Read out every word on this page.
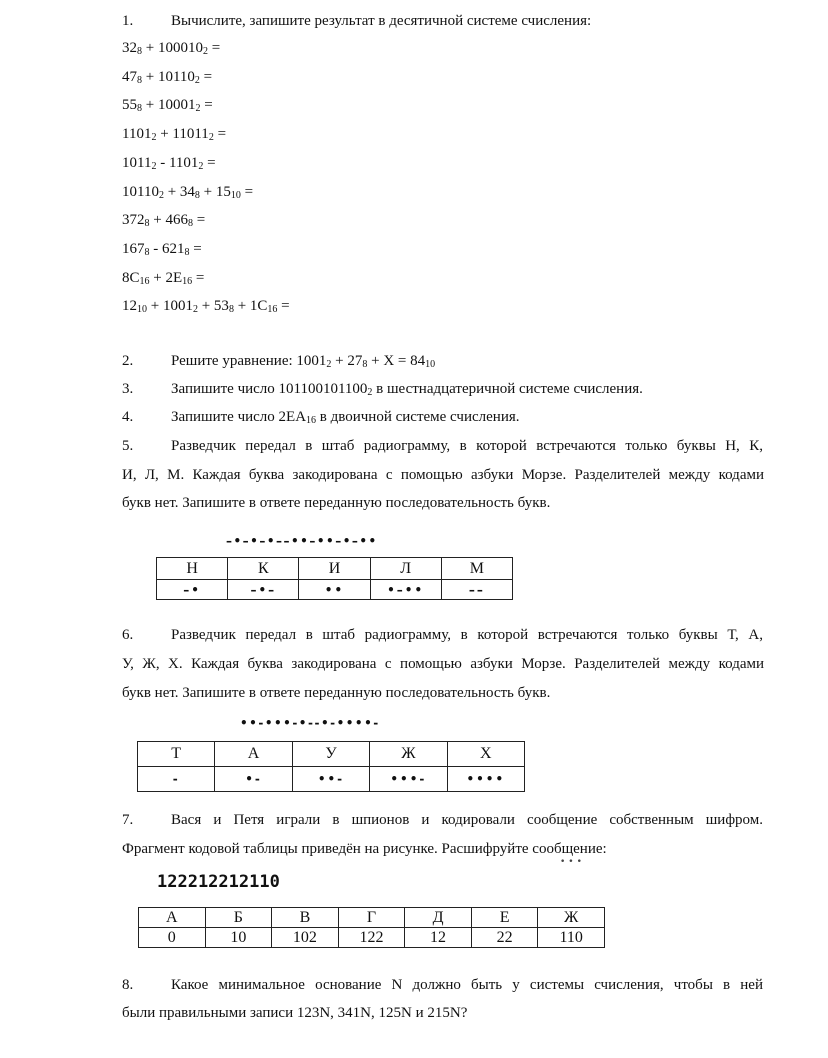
1.	Вычислите, запишите результат в десятичной системе счисления:
$32_8 + 100010_2$ =
$47_8 + 10110_2$ =
$55_8 + 10001_2$ =
$1101_2 + 11011_2$ =
$1011_2 - 1101_2$ =
$10110_2 + 34_8 + 15_{10}$ =
$372_8 + 466_8$ =
$167_8 - 621_8$ =
$8C_{16} + 2E_{16}$ =
$12_{10} + 1001_2 + 53_8 + 1C_{16}$ =
2.	Решите уравнение: $1001_2 + 27_8 + X = 84_{10}$
3.	Запишите число $101100101100_2$ в шестнадцатеричной системе счисления.
4.	Запишите число $2EA_{16}$ в двоичной системе счисления.
5.	Разведчик передал в штаб радиограмму, в которой встречаются только буквы Н, К,
И, Л, М. Каждая буква закодирована с помощью азбуки Морзе. Разделителей между кодами
букв нет. Запишите в ответе переданную последовательность букв.
–•–•–•––••–••–•–••
Н	К	И	Л	М
–•	–•–	••	•–••	––
6.	Разведчик передал в штаб радиограмму, в которой встречаются только буквы Т, А,
У, Ж, Х. Каждая буква закодирована с помощью азбуки Морзе. Разделителей между кодами
букв нет. Запишите в ответе переданную последовательность букв.
••-•••-•--•-••••-
Т	А	У	Ж	Х
-	•-	••-	•••-	••••
7.	Вася и Петя играли в шпионов и кодировали сообщение собственным шифром.
Фрагмент кодовой таблицы приведён на рисунке. Расшифруйте сообщение:
•••
122212212110
А	Б	В	Г	Д	Е	Ж
0	10	102	122	12	22	110
8.	Какое минимальное основание N должно быть у системы счисления, чтобы в ней
были правильными записи 123N, 341N, 125N и 215N?
